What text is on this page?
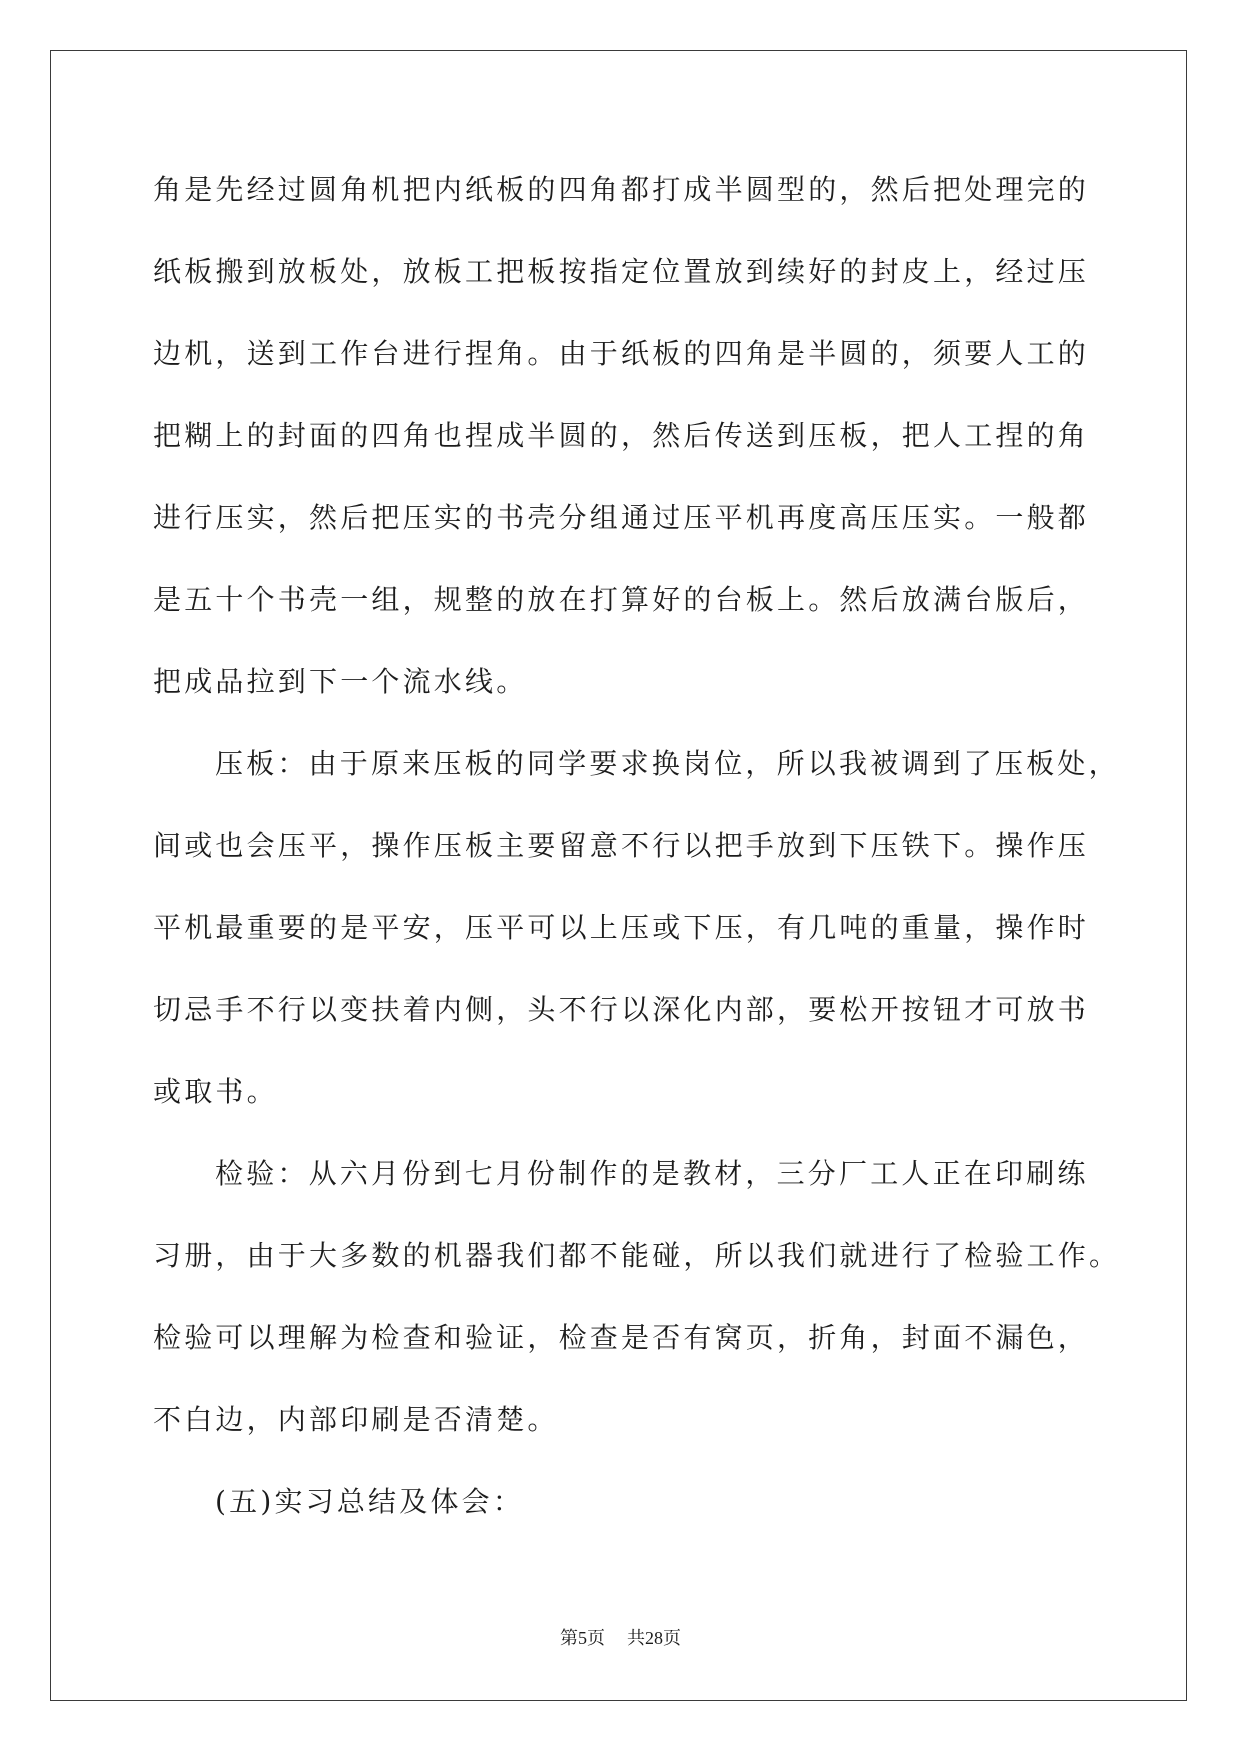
角是先经过圆角机把内纸板的四角都打成半圆型的，然后把处理完的
纸板搬到放板处，放板工把板按指定位置放到续好的封皮上，经过压
边机，送到工作台进行捏角。由于纸板的四角是半圆的，须要人工的
把糊上的封面的四角也捏成半圆的，然后传送到压板，把人工捏的角
进行压实，然后把压实的书壳分组通过压平机再度高压压实。一般都
是五十个书壳一组，规整的放在打算好的台板上。然后放满台版后，
把成品拉到下一个流水线。
压板：由于原来压板的同学要求换岗位，所以我被调到了压板处，
间或也会压平，操作压板主要留意不行以把手放到下压铁下。操作压
平机最重要的是平安，压平可以上压或下压，有几吨的重量，操作时
切忌手不行以变扶着内侧，头不行以深化内部，要松开按钮才可放书
或取书。
检验：从六月份到七月份制作的是教材，三分厂工人正在印刷练
习册，由于大多数的机器我们都不能碰，所以我们就进行了检验工作。
检验可以理解为检查和验证，检查是否有窝页，折角，封面不漏色，
不白边，内部印刷是否清楚。
(五)实习总结及体会：
第5页 共28页
